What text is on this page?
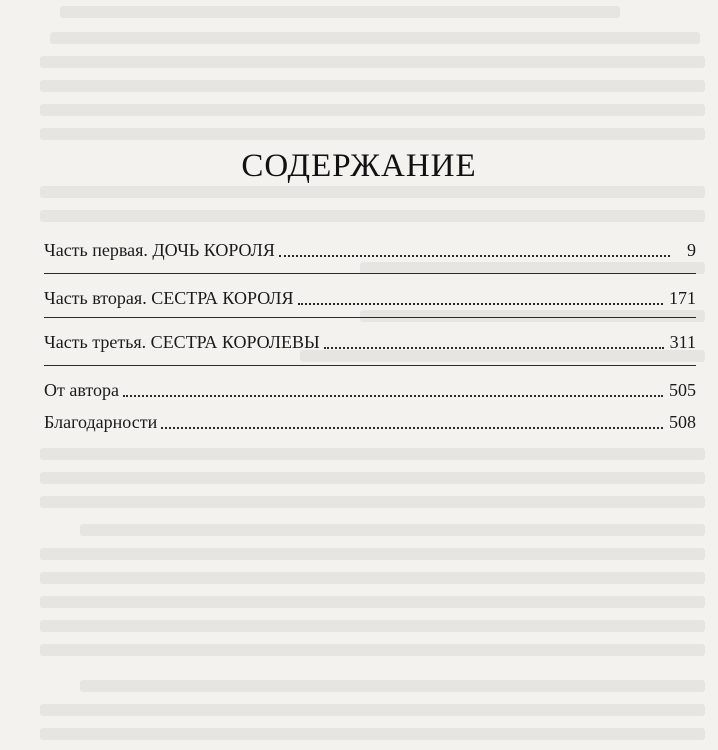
СОДЕРЖАНИЕ
Часть первая. ДОЧЬ КОРОЛЯ	9
Часть вторая. СЕСТРА КОРОЛЯ	171
Часть третья. СЕСТРА КОРОЛЕВЫ	311
От автора	505
Благодарности	508
